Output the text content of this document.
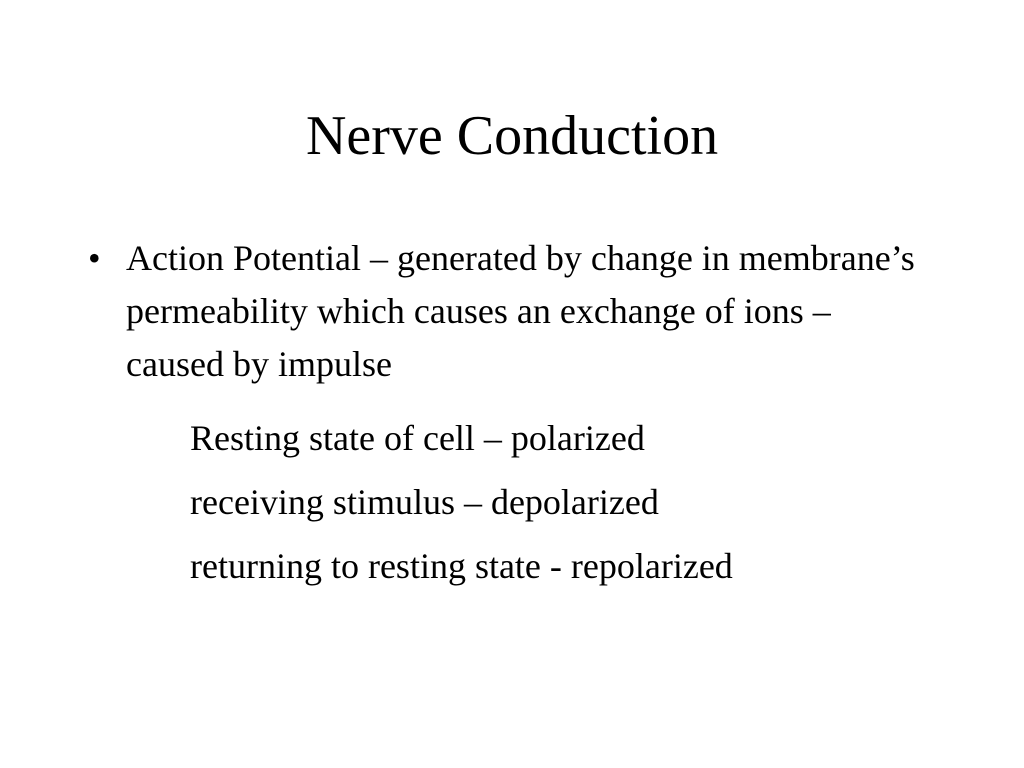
Nerve Conduction
• Action Potential – generated by change in membrane’s permeability which causes an exchange of ions – caused by impulse
Resting state of cell – polarized
receiving stimulus – depolarized
returning to resting state - repolarized
